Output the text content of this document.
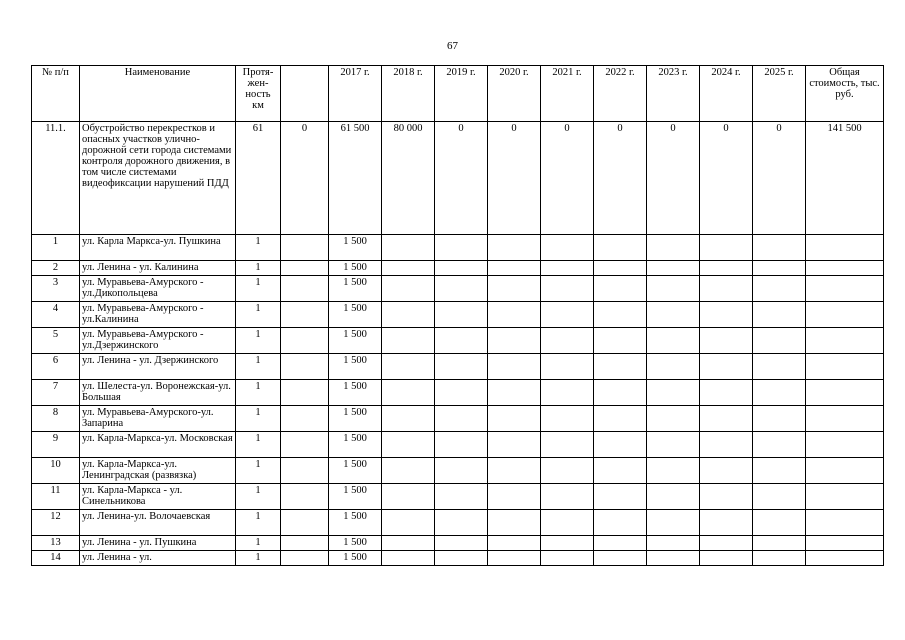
67
№ п/п	Наименование	Протя-
жен-
ность
км		2017 г.	2018 г.	2019 г.	2020 г.	2021 г.	2022 г.	2023 г.	2024 г.	2025 г.	Общая стоимость, тыс. руб.
11.1.	Обустройство перекрестков и опасных участков улично-дорожной сети города системами контроля дорожного движения, в том числе системами видеофиксации нарушений ПДД	61	0	61 500	80 000	0	0	0	0	0	0	0	141 500
1	ул. Карла Маркса-ул. Пушкина	1		1 500									
2	ул. Ленина - ул. Калинина	1		1 500									
3	ул. Муравьева-Амурского - ул.Дикопольцева	1		1 500									
4	ул. Муравьева-Амурского - ул.Калинина	1		1 500									
5	ул. Муравьева-Амурского - ул.Дзержинского	1		1 500									
6	ул. Ленина - ул. Дзержинского	1		1 500									
7	ул. Шелеста-ул. Воронежская-ул. Большая	1		1 500									
8	ул. Муравьева-Амурского-ул. Запарина	1		1 500									
9	ул. Карла-Маркса-ул. Московская	1		1 500									
10	ул. Карла-Маркса-ул. Ленинградская (развязка)	1		1 500									
11	ул. Карла-Маркса - ул. Синельникова	1		1 500									
12	ул. Ленина-ул. Волочаевская	1		1 500									
13	ул. Ленина - ул. Пушкина	1		1 500									
14	ул. Ленина - ул.	1		1 500									
